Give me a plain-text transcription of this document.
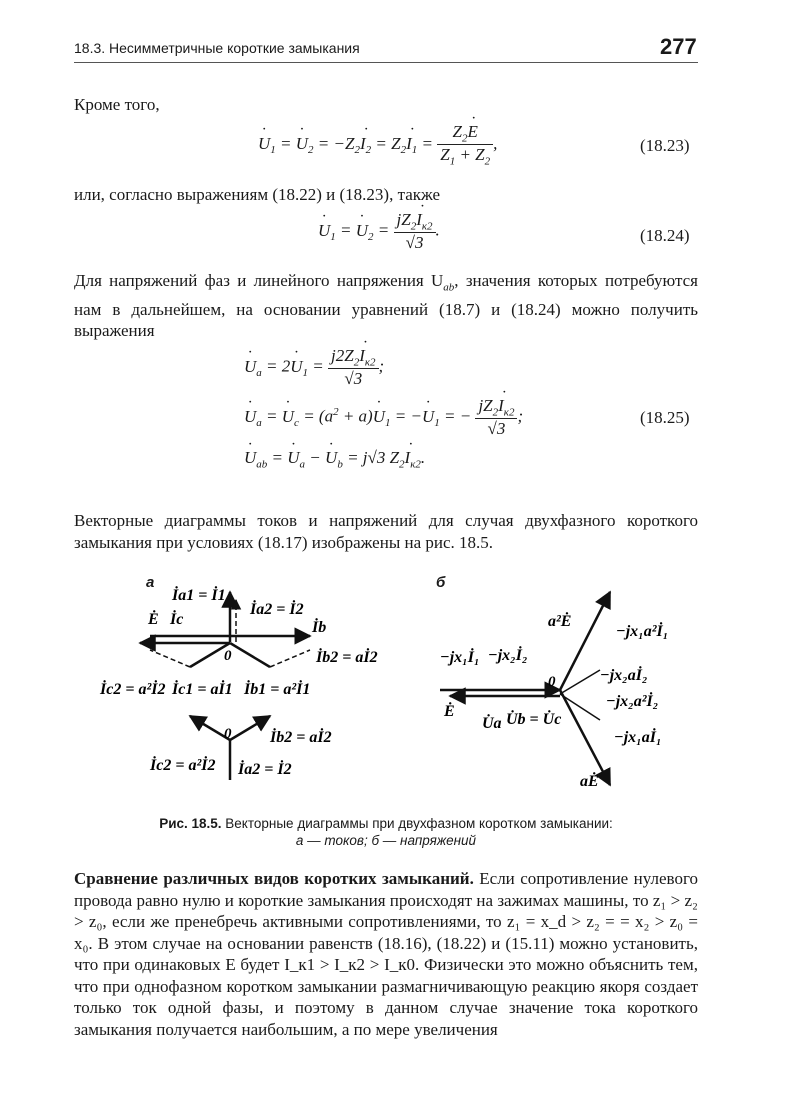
18.3. Несимметричные короткие замыкания	277
Кроме того,
˙ $U_1$ = ˙ $U_2$ = $-Z_2˙$ $I_2$ = $Z_2˙$ $I_1 = \frac{Z_2˙ E}{Z_1 + Z_2}$ ,	(18.23)
или, согласно выражениям (18.22) и (18.23), также
˙ $U_1$ = ˙ $U_2 = \frac{jZ_2˙ I_{к2}}{√3}$ .	(18.24)
Для напряжений фаз и линейного напряжения $U_{ab}$, значения которых потребуются нам в дальнейшем, на основании уравнений (18.7) и (18.24) можно получить выражения
˙ $U_a$ = 2˙ $U_1 = \frac{j2Z_2˙ I_{к2}}{√3}$ ;
˙ $U_a$ = ˙ $U_c = (a^2$ + a)˙ $U_1$ = −˙ $U_1$ = − $\frac{jZ_2˙ I_{к2}}{√3}$ ;
˙ $U_{ab}$ = ˙ $U_a$ − ˙ $U_b = j√3$ $Z_2˙$ $I_{к2}$.
(18.25)
Векторные диаграммы токов и напряжений для случая двухфазного короткого замыкания при условиях (18.17) изображены на рис. 18.5.
а	б
İa1 = İ1
İa2 = İ2
Ė İc	İb
İb2 = aİ2
0
İc2 = a²İ2 İc1 = aİ1 İb1 = a²İ1
0 İb2 = aİ2
İc2 = a²İ2 İa2 = İ2
a²Ė
−jx₁a²İ₁
−jx₁İ₁ −jx₂İ₂
−jx₂aİ₂
0
−jx₂a²İ₂
Ė
U̇a U̇b = U̇c
−jx₁aİ₁
aĖ
Рис. 18.5. Векторные диаграммы при двухфазном коротком замыкании:
а — токов; б — напряжений
Сравнение различных видов коротких замыканий. Если сопротивление нулевого провода равно нулю и короткие замыкания происходят на зажимах машины, то z₁ > z₂ > z₀, если же пренебречь активными сопротивлениями, то z₁ = x_d > z₂ = = x₂ > z₀ = x₀. В этом случае на основании равенств (18.16), (18.22) и (15.11) можно установить, что при одинаковых E будет I_к1 > I_к2 > I_к0. Физически это можно объяснить тем, что при однофазном коротком замыкании размагничивающую реакцию якоря создает только ток одной фазы, и поэтому в данном случае значение тока короткого замыкания получается наибольшим, а по мере увеличения
